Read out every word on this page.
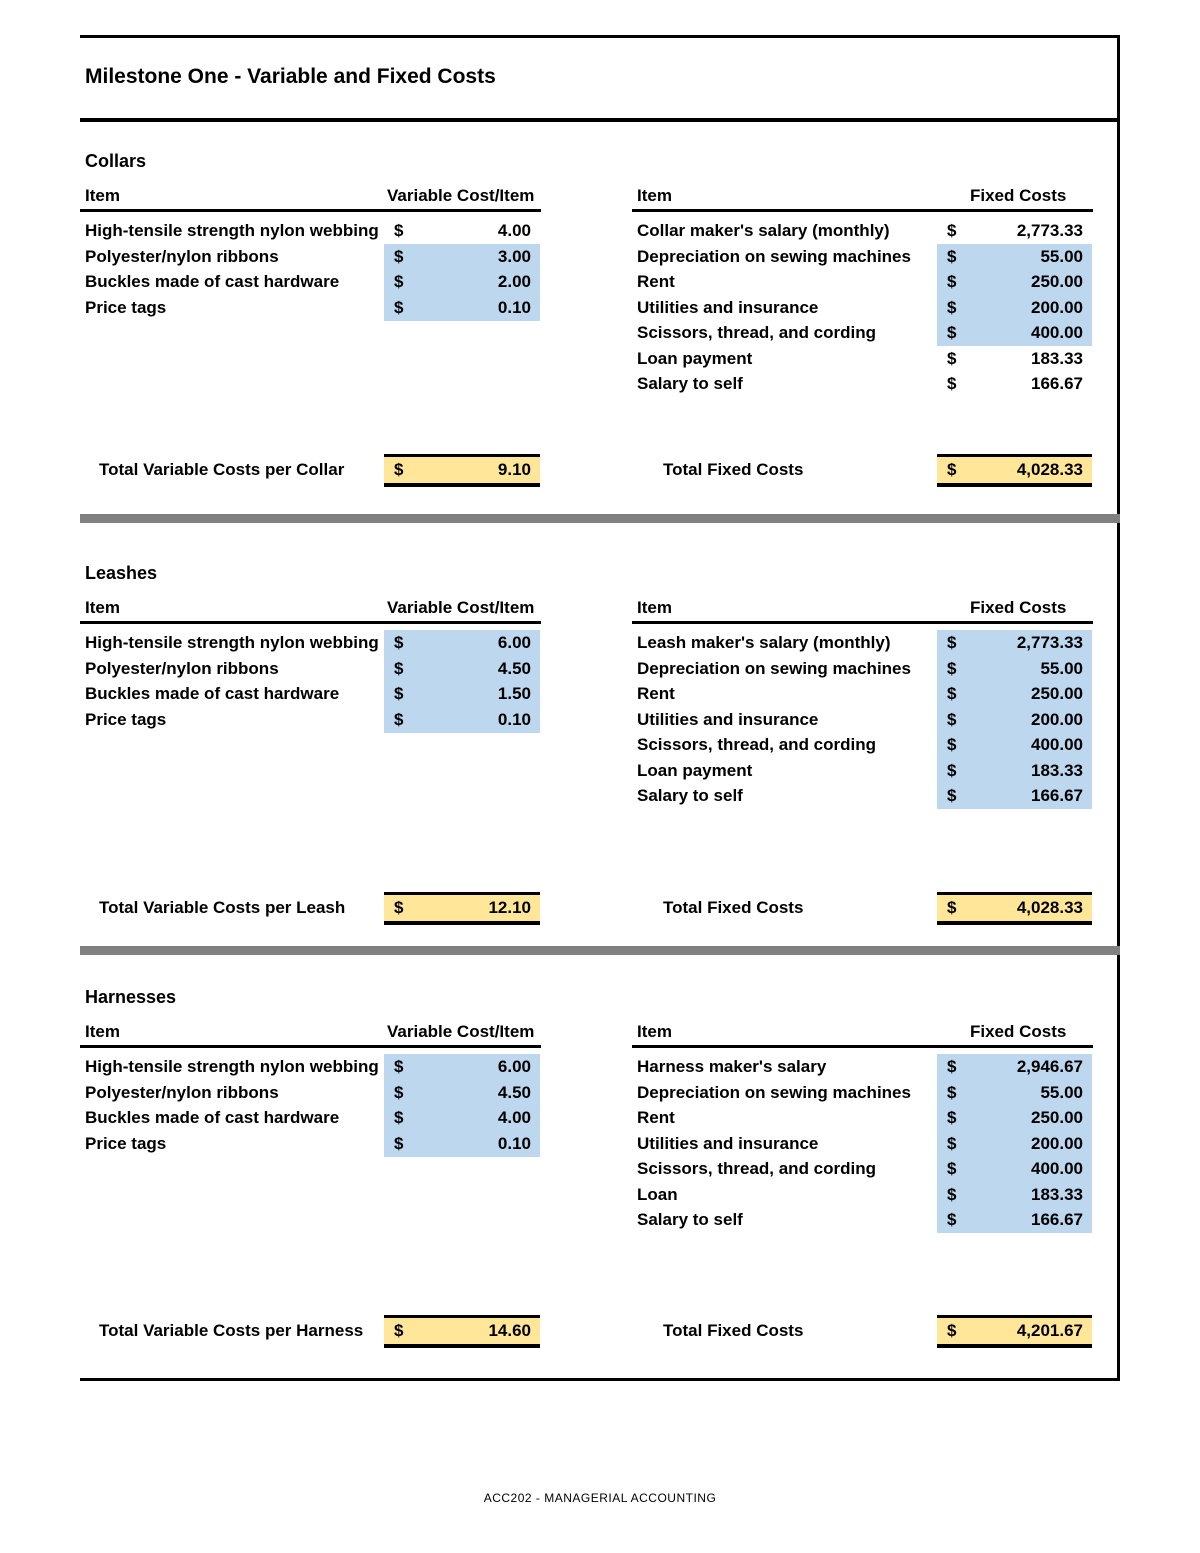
Milestone One - Variable and Fixed Costs
Collars
Item	Variable Cost/Item	Item	Fixed Costs
High-tensile strength nylon webbing $	4.00
Polyester/nylon ribbons	$	3.00
Buckles made of cast hardware	$	2.00
Price tags	$	0.10
Collar maker's salary (monthly)	$	2,773.33
Depreciation on sewing machines $	55.00
Rent	$	250.00
Utilities and insurance	$	200.00
Scissors, thread, and cording	$	400.00
Loan payment	$	183.33
Salary to self	$	166.67
Total Variable Costs per Collar	$	9.10	Total Fixed Costs	$	4,028.33
Leashes
Item	Variable Cost/Item	Item	Fixed Costs
High-tensile strength nylon webbing $	6.00
Polyester/nylon ribbons	$	4.50
Buckles made of cast hardware	$	1.50
Price tags	$	0.10
Leash maker's salary (monthly)	$	2,773.33
Depreciation on sewing machines $	55.00
Rent	$	250.00
Utilities and insurance	$	200.00
Scissors, thread, and cording	$	400.00
Loan payment	$	183.33
Salary to self	$	166.67
Total Variable Costs per Leash	$	12.10	Total Fixed Costs	$	4,028.33
Harnesses
Item	Variable Cost/Item	Item	Fixed Costs
High-tensile strength nylon webbing $	6.00
Polyester/nylon ribbons	$	4.50
Buckles made of cast hardware	$	4.00
Price tags	$	0.10
Harness maker's salary	$	2,946.67
Depreciation on sewing machines $	55.00
Rent	$	250.00
Utilities and insurance	$	200.00
Scissors, thread, and cording	$	400.00
Loan	$	183.33
Salary to self	$	166.67
Total Variable Costs per Harness $	14.60	Total Fixed Costs	$	4,201.67
ACC202 - MANAGERIAL ACCOUNTING
